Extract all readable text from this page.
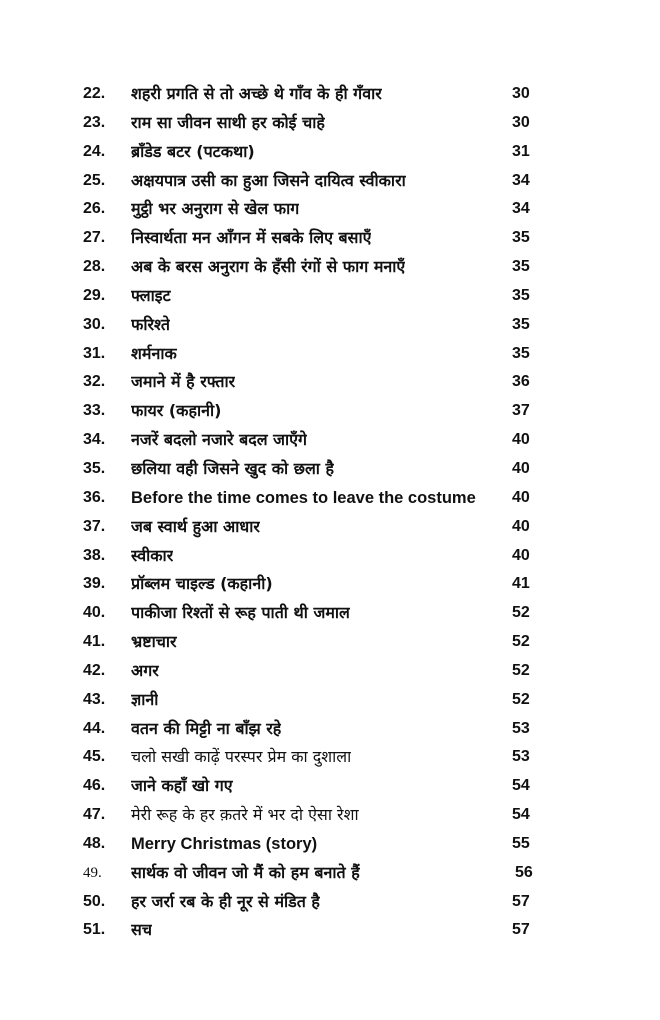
22.	शहरी प्रगति से तो अच्छे थे गाँव के ही गँवार	30
23.	राम सा जीवन साथी हर कोई चाहे	30
24.	ब्राँडेड बटर (पटकथा)	31
25.	अक्षयपात्र उसी का हुआ जिसने दायित्व स्वीकारा	34
26.	मुट्ठी भर अनुराग से खेल फाग	34
27.	निस्वार्थता मन आँगन में सबके लिए बसाएँ	35
28.	अब के बरस अनुराग के हँसी रंगों से फाग मनाएँ	35
29.	फ्लाइट	35
30.	फरिश्ते	35
31.	शर्मनाक	35
32.	जमाने में है रफ्तार	36
33.	फायर (कहानी)	37
34.	नजरें बदलो नजारे बदल जाएँगे	40
35.	छलिया वही जिसने खुद को छला है	40
36.	Before the time comes to leave the costume 40
37.	जब स्वार्थ हुआ आधार	40
38.	स्वीकार	40
39.	प्रॉब्लम चाइल्ड (कहानी)	41
40.	पाकीजा रिश्तों से रूह पाती थी जमाल	52
41.	भ्रष्टाचार	52
42.	अगर	52
43.	ज्ञानी	52
44.	वतन की मिट्टी ना बाँझ रहे	53
45.	चलो सखी काढ़ें परस्पर प्रेम का दुशाला	53
46.	जाने कहाँ खो गए	54
47.	मेरी रूह के हर क़तरे में भर दो ऐसा रेशा	54
48.	Merry Christmas (story)	55
49.	सार्थक वो जीवन जो मैं को हम बनाते हैं	56
50.	हर जर्रा रब के ही नूर से मंडित है	57
51.	सच	57
